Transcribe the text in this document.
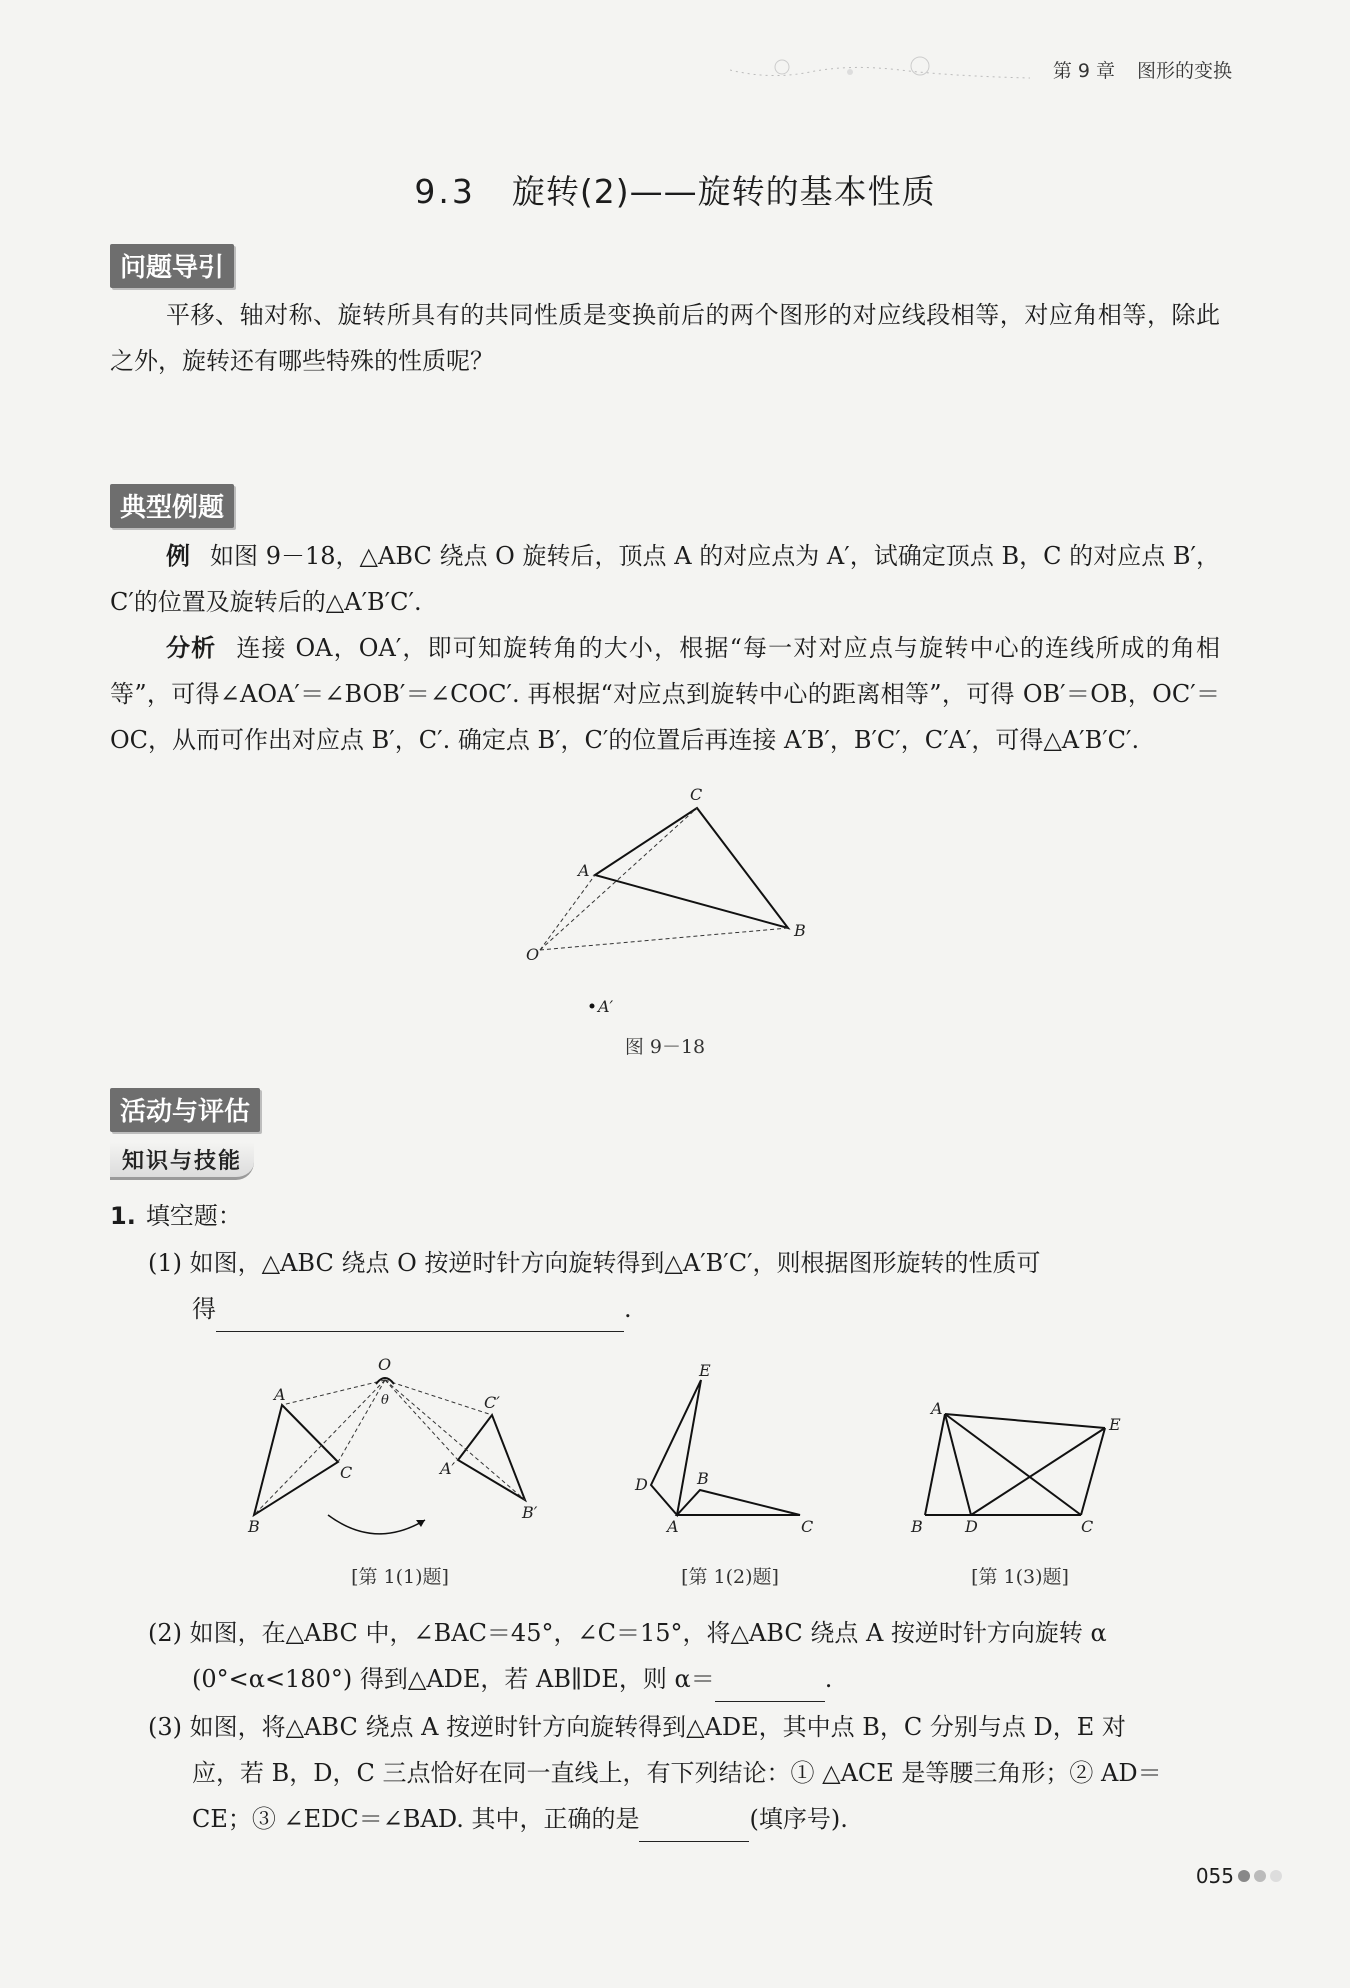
第 9 章 图形的变换
9.3 旋转(2)——旋转的基本性质
问题导引
平移、轴对称、旋转所具有的共同性质是变换前后的两个图形的对应线段相等，对应角相等，除此之外，旋转还有哪些特殊的性质呢？
典型例题
例 如图 9－18，△ABC 绕点 O 旋转后，顶点 A 的对应点为 A′，试确定顶点 B，C 的对应点 B′，C′的位置及旋转后的△A′B′C′.
分析 连接 OA，OA′，即可知旋转角的大小，根据“每一对对应点与旋转中心的连线所成的角相等”，可得∠AOA′＝∠BOB′＝∠COC′. 再根据“对应点到旋转中心的距离相等”，可得 OB′＝OB，OC′＝OC，从而可作出对应点 B′，C′. 确定点 B′，C′的位置后再连接 A′B′，B′C′，C′A′，可得△A′B′C′.
C
A
B
O
A′
图 9－18
活动与评估
知识与技能
1. 填空题：
(1) 如图，△ABC 绕点 O 按逆时针方向旋转得到△A′B′C′，则根据图形旋转的性质可
得	.
O
θ
A
C
B
A′
C′
B′
E
D	B
A	C
A
E
B	D	C
[第 1(1)题]	[第 1(2)题]	[第 1(3)题]
(2) 如图，在△ABC 中，∠BAC＝45°，∠C＝15°，将△ABC 绕点 A 按逆时针方向旋转 α
(0°<α<180°) 得到△ADE，若 AB∥DE，则 α＝	.
(3) 如图，将△ABC 绕点 A 按逆时针方向旋转得到△ADE，其中点 B，C 分别与点 D，E 对
应，若 B，D，C 三点恰好在同一直线上，有下列结论：① △ACE 是等腰三角形；② AD＝
CE；③ ∠EDC＝∠BAD. 其中，正确的是	(填序号).
055
